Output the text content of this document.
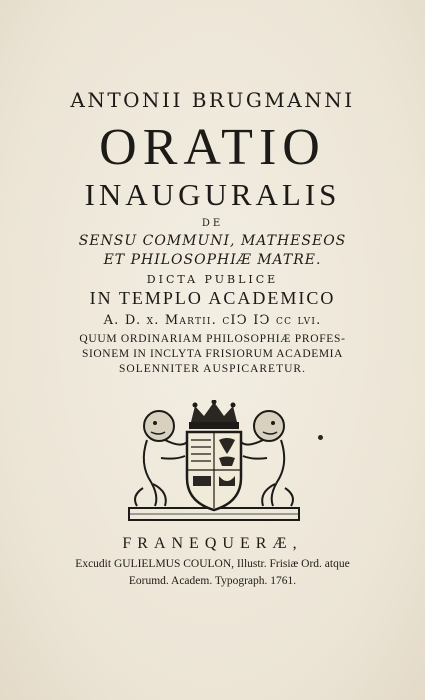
ANTONII BRUGMANNI
ORATIO
INAUGURALIS
DE
SENSU COMMUNI, MATHESEOS
ET PHILOSOPHIÆ MATRE.
DICTA PUBLICE
IN TEMPLO ACADEMICO
A. D. x. Martii. cIↃ IↃ cc lvi.
QUUM ORDINARIAM PHILOSOPHIÆ PROFES-
SIONEM IN INCLYTA FRISIORUM ACADEMIA
SOLENNITER AUSPICARETUR.
FRANEQUERÆ,
Excudit GULIELMUS COULON, Illustr. Frisiæ Ord. atque
Eorumd. Academ. Typograph. 1761.
